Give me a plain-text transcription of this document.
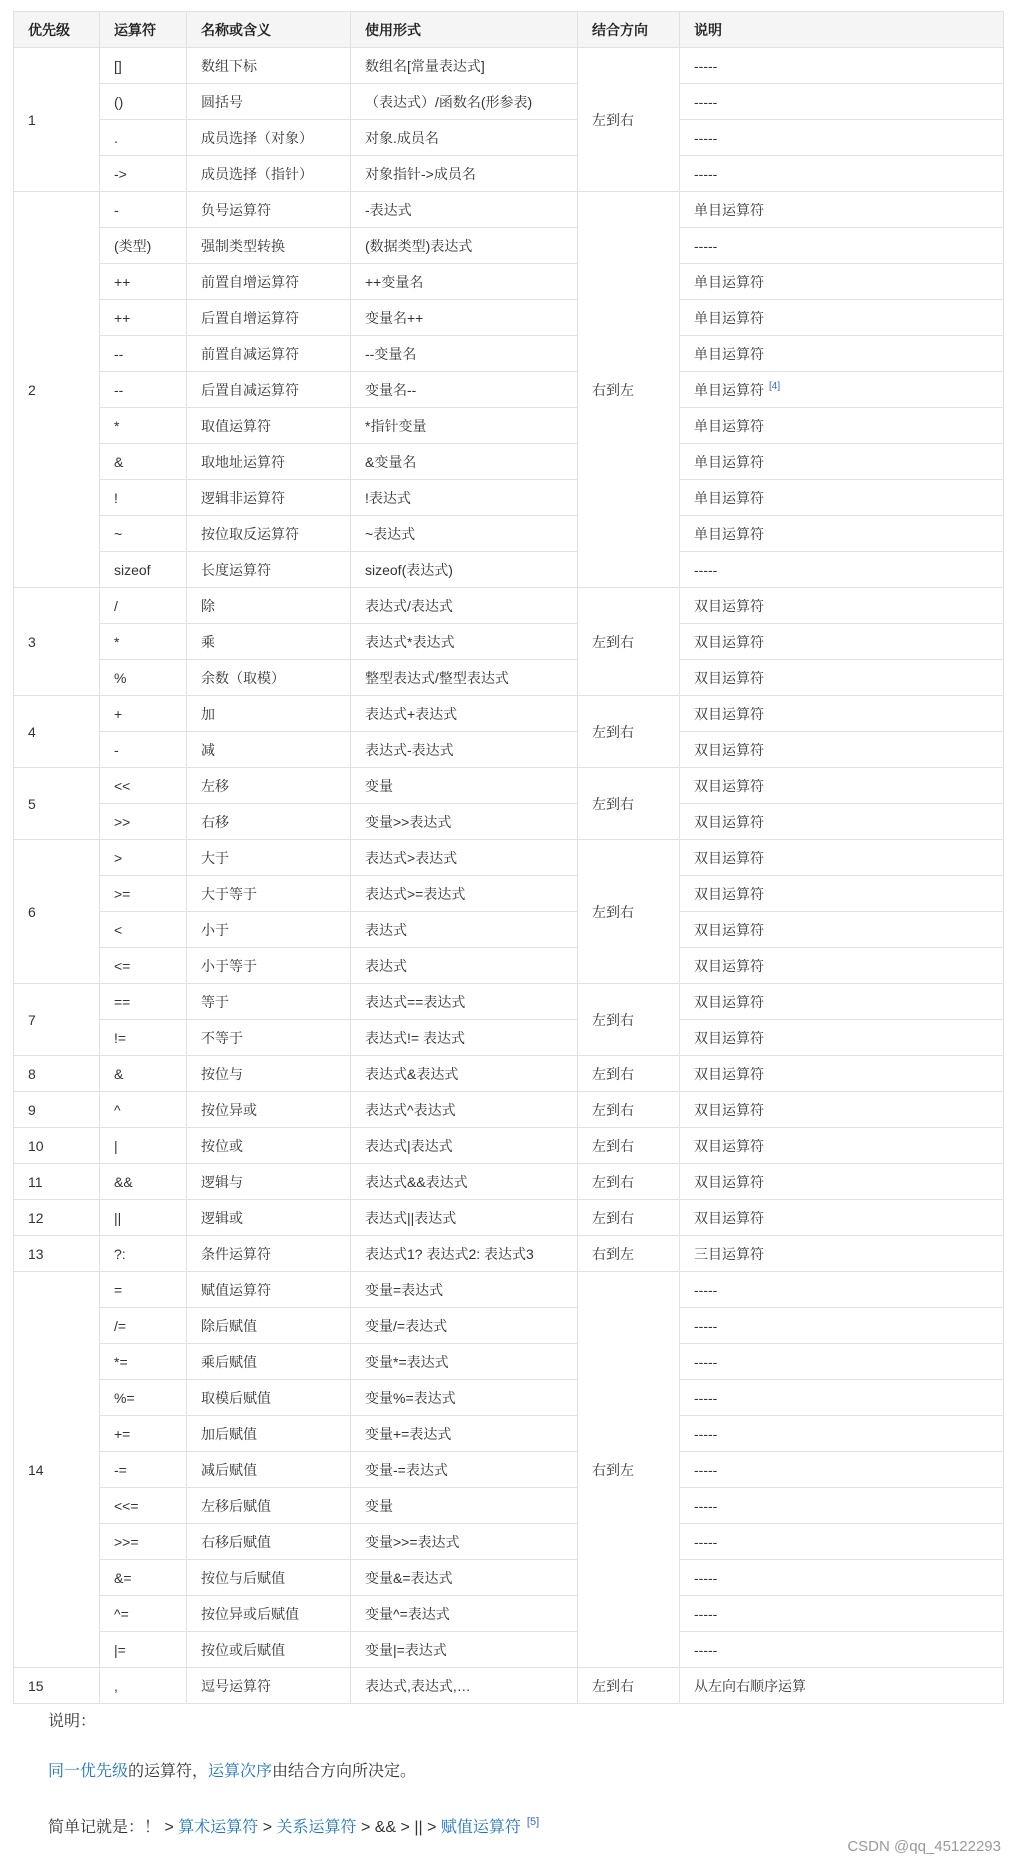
优先级	运算符	名称或含义	使用形式	结合方向	说明
1	[]	数组下标	数组名[常量表达式]	左到右	-----
	()	圆括号	（表达式）/函数名(形参表)		-----
	.	成员选择（对象）	对象.成员名		-----
	->	成员选择（指针）	对象指针->成员名		-----
2	-	负号运算符	-表达式	右到左	单目运算符
	(类型)	强制类型转换	(数据类型)表达式		-----
	++	前置自增运算符	++变量名		单目运算符
	++	后置自增运算符	变量名++		单目运算符
	--	前置自减运算符	--变量名		单目运算符
	--	后置自减运算符	变量名--		单目运算符 [4]
	*	取值运算符	*指针变量		单目运算符
	&	取地址运算符	&变量名		单目运算符
	!	逻辑非运算符	!表达式		单目运算符
	~	按位取反运算符	~表达式		单目运算符
	sizeof	长度运算符	sizeof(表达式)		-----
3	/	除	表达式/表达式	左到右	双目运算符
	*	乘	表达式*表达式		双目运算符
	%	余数（取模）	整型表达式/整型表达式		双目运算符
4	+	加	表达式+表达式	左到右	双目运算符
	-	减	表达式-表达式		双目运算符
5	<<	左移	变量	左到右	双目运算符
	>>	右移	变量>>表达式		双目运算符
6	>	大于	表达式>表达式	左到右	双目运算符
	>=	大于等于	表达式>=表达式		双目运算符
	<	小于	表达式		双目运算符
	<=	小于等于	表达式		双目运算符
7	==	等于	表达式==表达式	左到右	双目运算符
	!=	不等于	表达式!= 表达式		双目运算符
8	&	按位与	表达式&表达式	左到右	双目运算符
9	^	按位异或	表达式^表达式	左到右	双目运算符
10	|	按位或	表达式|表达式	左到右	双目运算符
11	&&	逻辑与	表达式&&表达式	左到右	双目运算符
12	||	逻辑或	表达式||表达式	左到右	双目运算符
13	?:	条件运算符	表达式1? 表达式2: 表达式3	右到左	三目运算符
14	=	赋值运算符	变量=表达式	右到左	-----
	/=	除后赋值	变量/=表达式		-----
	*=	乘后赋值	变量*=表达式		-----
	%=	取模后赋值	变量%=表达式		-----
	+=	加后赋值	变量+=表达式		-----
	-=	减后赋值	变量-=表达式		-----
	<<=	左移后赋值	变量		-----
	>>=	右移后赋值	变量>>=表达式		-----
	&=	按位与后赋值	变量&=表达式		-----
	^=	按位异或后赋值	变量^=表达式		-----
	|=	按位或后赋值	变量|=表达式		-----
15	,	逗号运算符	表达式,表达式,…	左到右	从左向右顺序运算

说明：

同一优先级的运算符，运算次序由结合方向所决定。

简单记就是：！ > 算术运算符 > 关系运算符 > && > || > 赋值运算符 [5]

CSDN @qq_45122293
